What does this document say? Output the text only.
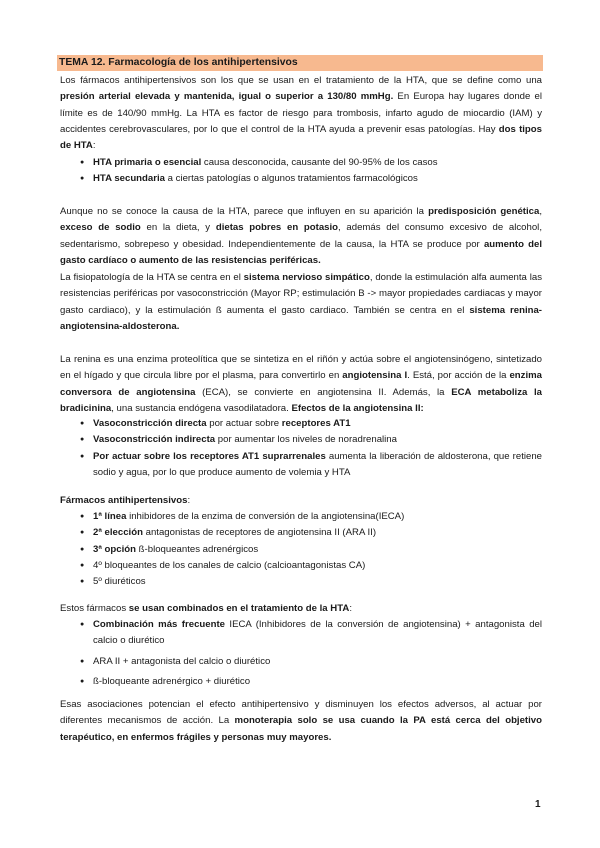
TEMA 12. Farmacología de los antihipertensivos
Los fármacos antihipertensivos son los que se usan en el tratamiento de la HTA, que se define como una presión arterial elevada y mantenida, igual o superior a 130/80 mmHg. En Europa hay lugares donde el límite es de 140/90 mmHg. La HTA es factor de riesgo para trombosis, infarto agudo de miocardio (IAM) y accidentes cerebrovasculares, por lo que el control de la HTA ayuda a prevenir esas patologías. Hay dos tipos de HTA:
● HTA primaria o esencial causa desconocida, causante del 90-95% de los casos
● HTA secundaria a ciertas patologías o algunos tratamientos farmacológicos
Aunque no se conoce la causa de la HTA, parece que influyen en su aparición la predisposición genética, exceso de sodio en la dieta, y dietas pobres en potasio, además del consumo excesivo de alcohol, sedentarismo, sobrepeso y obesidad. Independientemente de la causa, la HTA se produce por aumento del gasto cardíaco o aumento de las resistencias periféricas.
La fisiopatología de la HTA se centra en el sistema nervioso simpático, donde la estimulación alfa aumenta las resistencias periféricas por vasoconstricción (Mayor RP; estimulación B -> mayor propiedades cardiacas y mayor gasto cardiaco), y la estimulación ß aumenta el gasto cardiaco. También se centra en el sistema renina-angiotensina-aldosterona.
La renina es una enzima proteolítica que se sintetiza en el riñón y actúa sobre el angiotensinógeno, sintetizado en el hígado y que circula libre por el plasma, para convertirlo en angiotensina I. Está, por acción de la enzima conversora de angiotensina (ECA), se convierte en angiotensina II. Además, la ECA metaboliza la bradicinina, una sustancia endógena vasodilatadora. Efectos de la angiotensina II:
● Vasoconstricción directa por actuar sobre receptores AT1
● Vasoconstricción indirecta por aumentar los niveles de noradrenalina
● Por actuar sobre los receptores AT1 suprarrenales aumenta la liberación de aldosterona, que retiene sodio y agua, por lo que produce aumento de volemia y HTA
Fármacos antihipertensivos:
● 1ª línea inhibidores de la enzima de conversión de la angiotensina(IECA)
● 2ª elección antagonistas de receptores de angiotensina II (ARA II)
● 3ª opción ß-bloqueantes adrenérgicos
● 4º bloqueantes de los canales de calcio (calcioantagonistas CA)
● 5º diuréticos
Estos fármacos se usan combinados en el tratamiento de la HTA:
● Combinación más frecuente IECA (Inhibidores de la conversión de angiotensina) + antagonista del calcio o diurético
● ARA II + antagonista del calcio o diurético
● ß-bloqueante adrenérgico + diurético
Esas asociaciones potencian el efecto antihipertensivo y disminuyen los efectos adversos, al actuar por diferentes mecanismos de acción. La monoterapia solo se usa cuando la PA está cerca del objetivo terapéutico, en enfermos frágiles y personas muy mayores.
1
